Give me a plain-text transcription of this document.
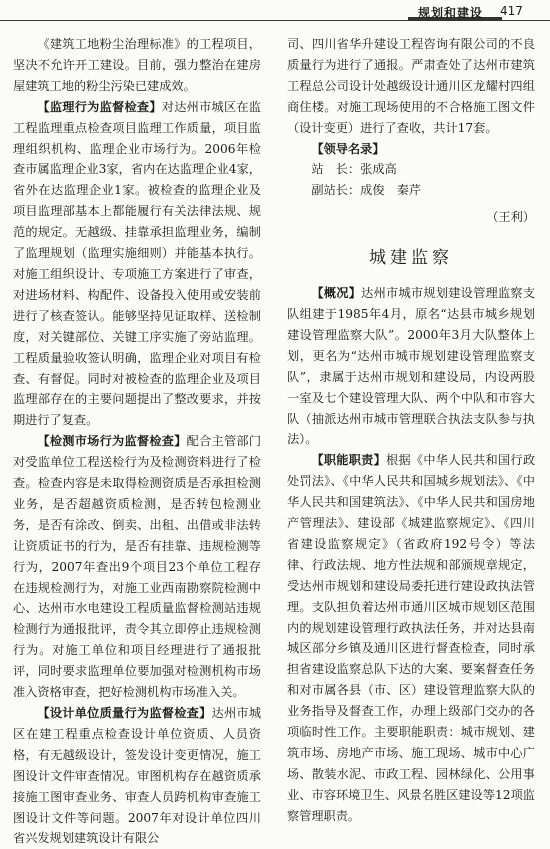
规划和建设 417

《建筑工地粉尘治理标准》的工程项目，坚决不允许开工建设。目前，强力整治在建房屋建筑工地的粉尘污染已建成效。

【监理行为监督检查】对达州市城区在监工程监理重点检查项目监理工作质量，项目监理组织机构、监理企业市场行为。2006年检查市属监理企业3家，省内在达监理企业4家，省外在达监理企业1家。被检查的监理企业及项目监理部基本上都能履行有关法律法规、规范的规定。无越级、挂靠承担监理业务，编制了监理规划（监理实施细则）并能基本执行。对施工组织设计、专项施工方案进行了审查，对进场材料、构配件、设备投入使用或安装前进行了核查签认。能够坚持见证取样、送检制度，对关键部位、关键工序实施了旁站监理。工程质量验收签认明确，监理企业对项目有检查、有督促。同时对被检查的监理企业及项目监理部存在的主要问题提出了整改要求，并按期进行了复查。

【检测市场行为监督检查】配合主管部门对受监单位工程送检行为及检测资料进行了检查。检查内容是未取得检测资质是否承担检测业务，是否超越资质检测，是否转包检测业务，是否有涂改、倒卖、出租、出借或非法转让资质证书的行为，是否有挂靠、违规检测等行为，2007年查出9个项目23个单位工程存在违规检测行为，对施工业西南勘察院检测中心、达州市水电建设工程质量监督检测站违规检测行为通报批评，责令其立即停止违规检测行为。对施工单位和项目经理进行了通报批评，同时要求监理单位要加强对检测机构市场准入资格审查，把好检测机构市场准入关。

【设计单位质量行为监督检查】达州市城区在建工程重点检查设计单位资质、人员资格，有无越级设计，签发设计变更情况，施工图设计文件审查情况。审图机构存在越资质承接施工图审查业务、审查人员跨机构审查施工图设计文件等问题。2007年对设计单位四川省兴发规划建筑设计有限公

司、四川省华升建设工程咨询有限公司的不良质量行为进行了通报。严肃查处了达州市建筑工程总公司设计处越级设计通川区龙耀村四组商住楼。对施工现场使用的不合格施工图文件（设计变更）进行了查收，共计17套。

【领导名录】

站　长：张成高

副站长：成俊　秦芹

（王利）
城建监察

【概况】达州市城市规划建设管理监察支队组建于1985年4月，原名“达县市城乡规划建设管理监察大队”。2000年3月大队整体上划，更名为“达州市城市规划建设管理监察支队”，隶属于达州市规划和建设局，内设两股一室及七个建设管理大队、两个中队和市容大队（抽派达州市城市管理联合执法支队参与执法）。

【职能职责】根据《中华人民共和国行政处罚法》、《中华人民共和国城乡规划法》、《中华人民共和国建筑法》、《中华人民共和国房地产管理法》、建设部《城建监察规定》、《四川省建设监察规定》（省政府192号令）等法律、行政法规、地方性法规和部颁规章规定，受达州市规划和建设局委托进行建设政执法管理。支队担负着达州市通川区城市规划区范围内的规划建设管理行政执法任务，并对达县南城区部分乡镇及通川区进行督查检查，同时承担省建设监察总队下达的大案、要案督查任务和对市属各县（市、区）建设管理监察大队的业务指导及督查工作，办理上级部门交办的各项临时性工作。主要职能职责：城市规划、建筑市场、房地产市场、施工现场、城市中心广场、散装水泥、市政工程、园林绿化、公用事业、市容环境卫生、风景名胜区建设等12项监察管理职责。
